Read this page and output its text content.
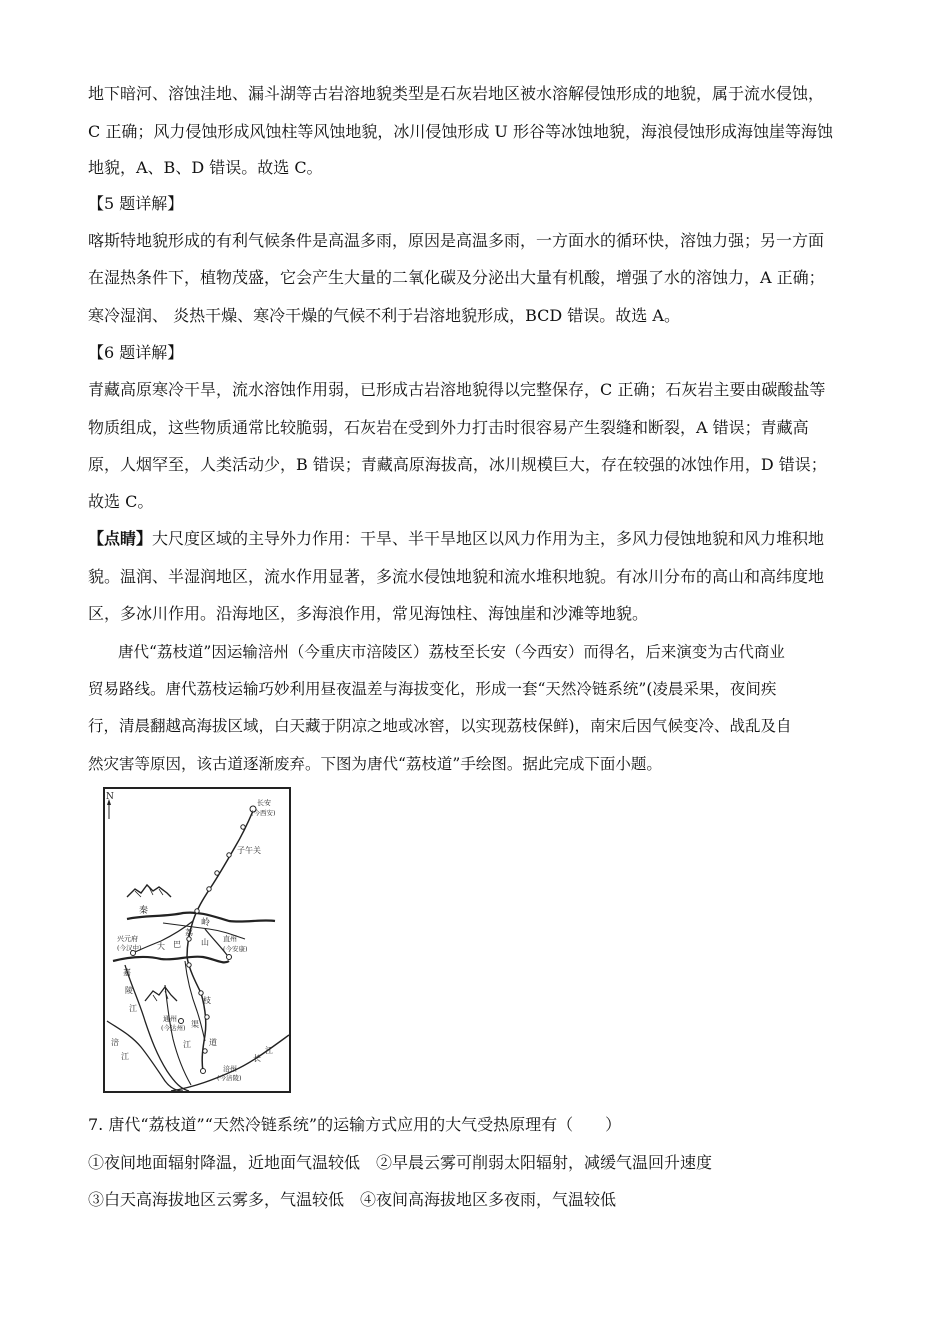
地下暗河、溶蚀洼地、漏斗湖等古岩溶地貌类型是石灰岩地区被水溶解侵蚀形成的地貌，属于流水侵蚀，
C 正确；风力侵蚀形成风蚀柱等风蚀地貌，冰川侵蚀形成 U 形谷等冰蚀地貌，海浪侵蚀形成海蚀崖等海蚀
地貌，A、B、D 错误。故选 C。
【5 题详解】
喀斯特地貌形成的有利气候条件是高温多雨，原因是高温多雨，一方面水的循环快，溶蚀力强；另一方面
在湿热条件下，植物茂盛，它会产生大量的二氧化碳及分泌出大量有机酸，增强了水的溶蚀力，A 正确；
寒冷湿润、 炎热干燥、寒冷干燥的气候不利于岩溶地貌形成，BCD 错误。故选 A。
【6 题详解】
青藏高原寒冷干旱，流水溶蚀作用弱，已形成古岩溶地貌得以完整保存，C 正确；石灰岩主要由碳酸盐等
物质组成，这些物质通常比较脆弱，石灰岩在受到外力打击时很容易产生裂缝和断裂，A 错误；青藏高
原，人烟罕至，人类活动少，B 错误；青藏高原海拔高，冰川规模巨大，存在较强的冰蚀作用，D 错误；
故选 C。
【点睛】大尺度区域的主导外力作用：干旱、半干旱地区以风力作用为主，多风力侵蚀地貌和风力堆积地
貌。温润、半湿润地区，流水作用显著，多流水侵蚀地貌和流水堆积地貌。有冰川分布的高山和高纬度地
区，多冰川作用。沿海地区，多海浪作用，常见海蚀柱、海蚀崖和沙滩等地貌。
唐代“荔枝道”因运输涪州（今重庆市涪陵区）荔枝至长安（今西安）而得名，后来演变为古代商业
贸易路线。唐代荔枝运输巧妙利用昼夜温差与海拔变化，形成一套“天然冷链系统”(凌晨采果，夜间疾
行，清晨翻越高海拔区域，白天藏于阴凉之地或冰窖，以实现荔枝保鲜)，南宋后因气候变冷、战乱及自
然灾害等原因，该古道逐渐废弃。下图为唐代“荔枝道”手绘图。据此完成下面小题。
N
长安
(今西安)
子午关
秦
岭
兴元府
(今汉中) 大 巴
荔
山 直州
(今安康)
嘉
陵
江
枝
通州
(今达州) 渠
江 道
涪州
(今涪陵)
长
江
涪
江
7. 唐代“荔枝道”“天然冷链系统”的运输方式应用的大气受热原理有（　　）
①夜间地面辐射降温，近地面气温较低　②早晨云雾可削弱太阳辐射，减缓气温回升速度
③白天高海拔地区云雾多，气温较低　④夜间高海拔地区多夜雨，气温较低
